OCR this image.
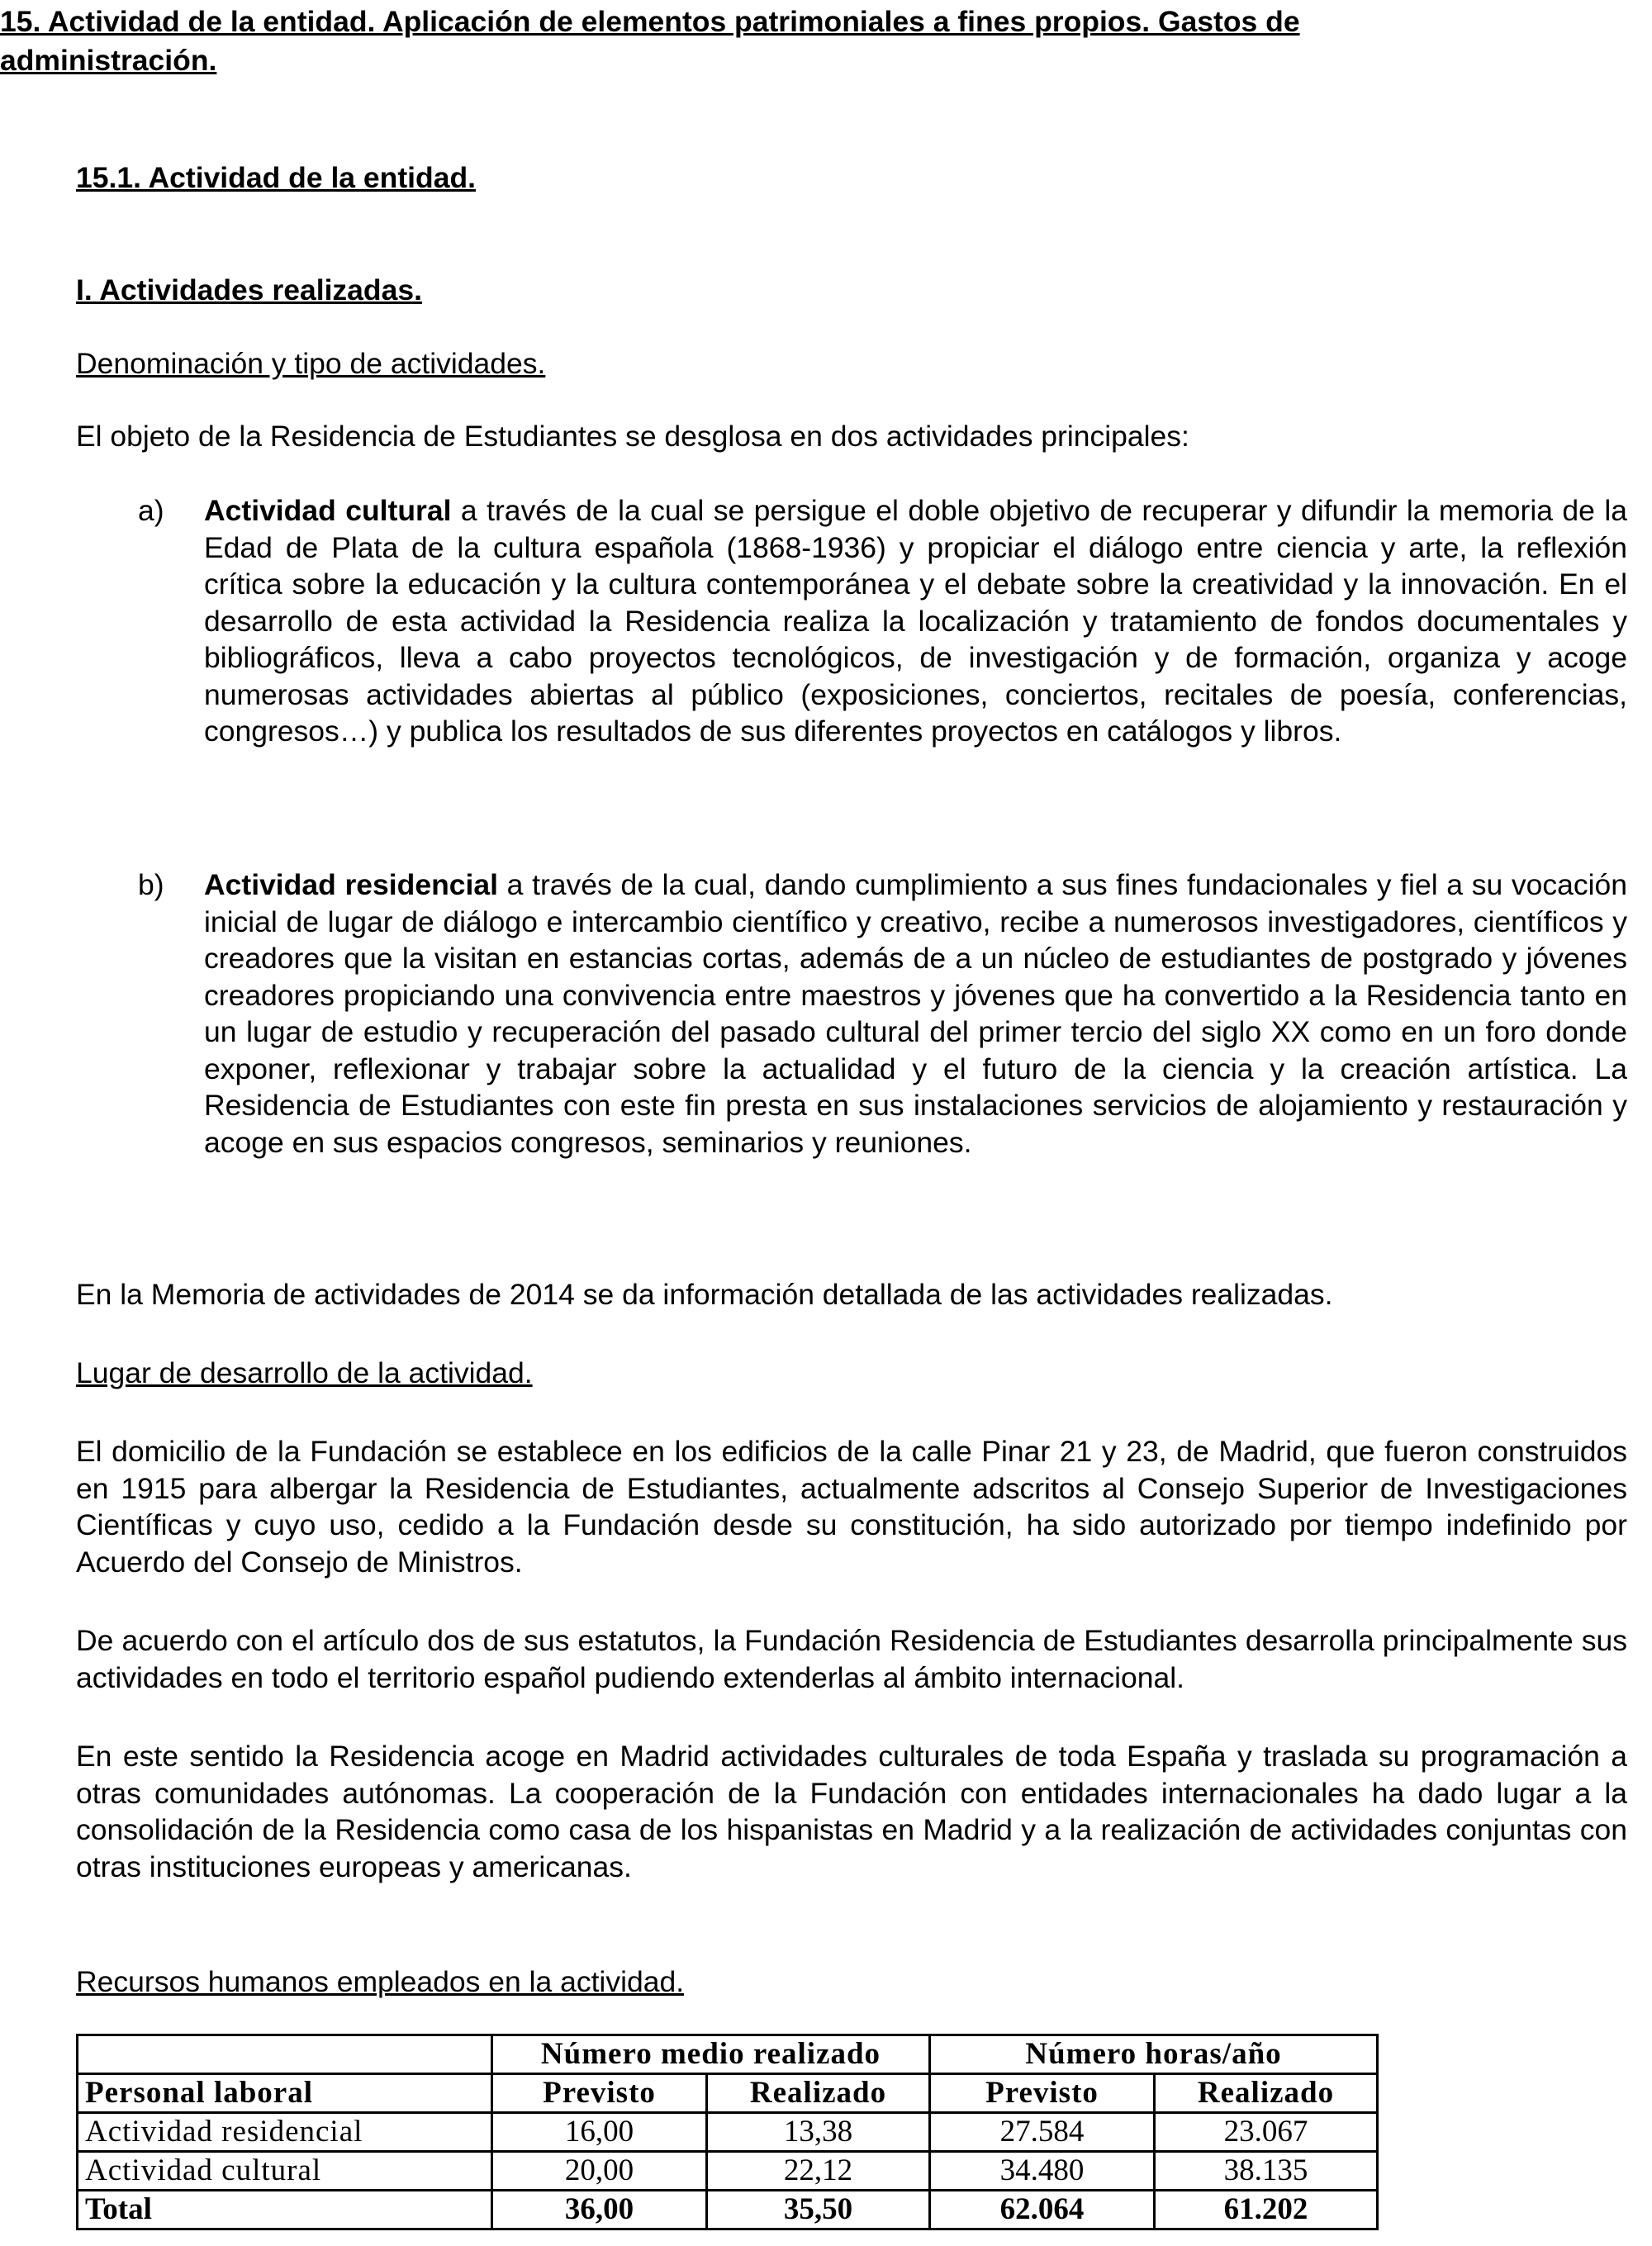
15. Actividad de la entidad. Aplicación de elementos patrimoniales a fines propios. Gastos de
administración.
15.1. Actividad de la entidad.
I. Actividades realizadas.
Denominación y tipo de actividades.
El objeto de la Residencia de Estudiantes se desglosa en dos actividades principales:
a)	Actividad cultural a través de la cual se persigue el doble objetivo de recuperar y difundir la memoria de la Edad de Plata de la cultura española (1868-1936) y propiciar el diálogo entre ciencia y arte, la reflexión crítica sobre la educación y la cultura contemporánea y el debate sobre la creatividad y la innovación. En el desarrollo de esta actividad la Residencia realiza la localización y tratamiento de fondos documentales y bibliográficos, lleva a cabo proyectos tecnológicos, de investigación y de formación, organiza y acoge numerosas actividades abiertas al público (exposiciones, conciertos, recitales de poesía, conferencias, congresos…) y publica los resultados de sus diferentes proyectos en catálogos y libros.
b)	Actividad residencial a través de la cual, dando cumplimiento a sus fines fundacionales y fiel a su vocación inicial de lugar de diálogo e intercambio científico y creativo, recibe a numerosos investigadores, científicos y creadores que la visitan en estancias cortas, además de a un núcleo de estudiantes de postgrado y jóvenes creadores propiciando una convivencia entre maestros y jóvenes que ha convertido a la Residencia tanto en un lugar de estudio y recuperación del pasado cultural del primer tercio del siglo XX como en un foro donde exponer, reflexionar y trabajar sobre la actualidad y el futuro de la ciencia y la creación artística. La Residencia de Estudiantes con este fin presta en sus instalaciones servicios de alojamiento y restauración y acoge en sus espacios congresos, seminarios y reuniones.
En la Memoria de actividades de 2014 se da información detallada de las actividades realizadas.
Lugar de desarrollo de la actividad.
El domicilio de la Fundación se establece en los edificios de la calle Pinar 21 y 23, de Madrid, que fueron construidos en 1915 para albergar la Residencia de Estudiantes, actualmente adscritos al Consejo Superior de Investigaciones Científicas y cuyo uso, cedido a la Fundación desde su constitución, ha sido autorizado por tiempo indefinido por Acuerdo del Consejo de Ministros.
De acuerdo con el artículo dos de sus estatutos, la Fundación Residencia de Estudiantes desarrolla principalmente sus actividades en todo el territorio español pudiendo extenderlas al ámbito internacional.
En este sentido la Residencia acoge en Madrid actividades culturales de toda España y traslada su programación a otras comunidades autónomas. La cooperación de la Fundación con entidades internacionales ha dado lugar a la consolidación de la Residencia como casa de los hispanistas en Madrid y a la realización de actividades conjuntas con otras instituciones europeas y americanas.
Recursos humanos empleados en la actividad.
	Número medio realizado		Número horas/año	
Personal laboral	Previsto	Realizado	Previsto	Realizado
Actividad residencial	16,00	13,38	27.584	23.067
Actividad cultural	20,00	22,12	34.480	38.135
Total	36,00	35,50	62.064	61.202
